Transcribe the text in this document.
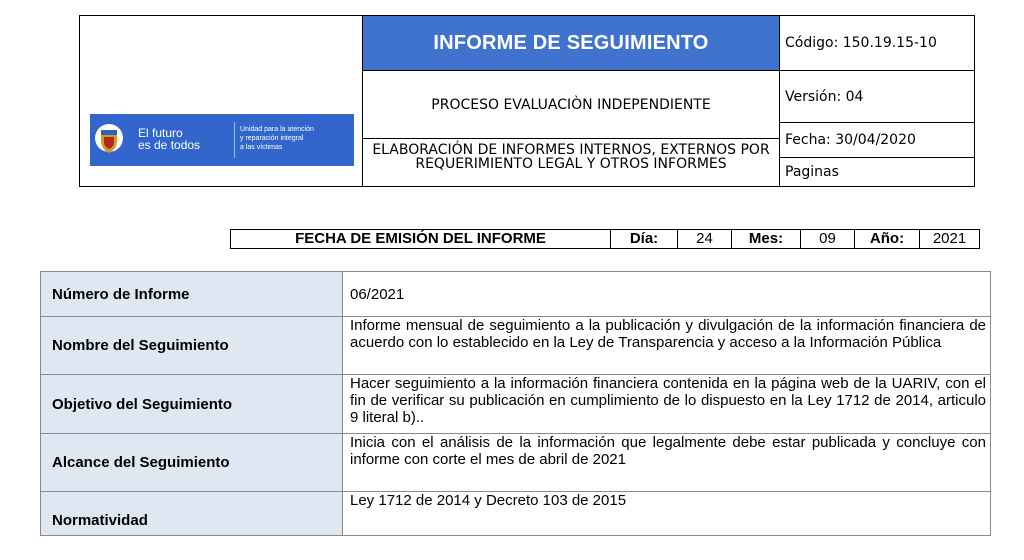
El futuro
es de todos
Unidad para la atención
y reparación integral
a las víctimas
INFORME DE SEGUIMIENTO
PROCESO EVALUACIÒN INDEPENDIENTE
ELABORACIÓN DE INFORMES INTERNOS, EXTERNOS POR REQUERIMIENTO LEGAL Y OTROS INFORMES
Código: 150.19.15-10
Versión: 04
Fecha: 30/04/2020
Paginas
FECHA DE EMISIÓN DEL INFORME	Día:	24	Mes:	09	Año:	2021
Número de Informe	06/2021
Nombre del Seguimiento	Informe mensual de seguimiento a la publicación y divulgación de la información financiera de acuerdo con lo establecido en la Ley de Transparencia y acceso a la Información Pública
Objetivo del Seguimiento	Hacer seguimiento a la información financiera contenida en la página web de la UARIV, con el fin de verificar su publicación en cumplimiento de lo dispuesto en la Ley 1712 de 2014, articulo 9 literal b)..
Alcance del Seguimiento	Inicia con el análisis de la información que legalmente debe estar publicada y concluye con informe con corte el mes de abril de 2021
Normatividad	Ley 1712 de 2014 y Decreto 103 de 2015
